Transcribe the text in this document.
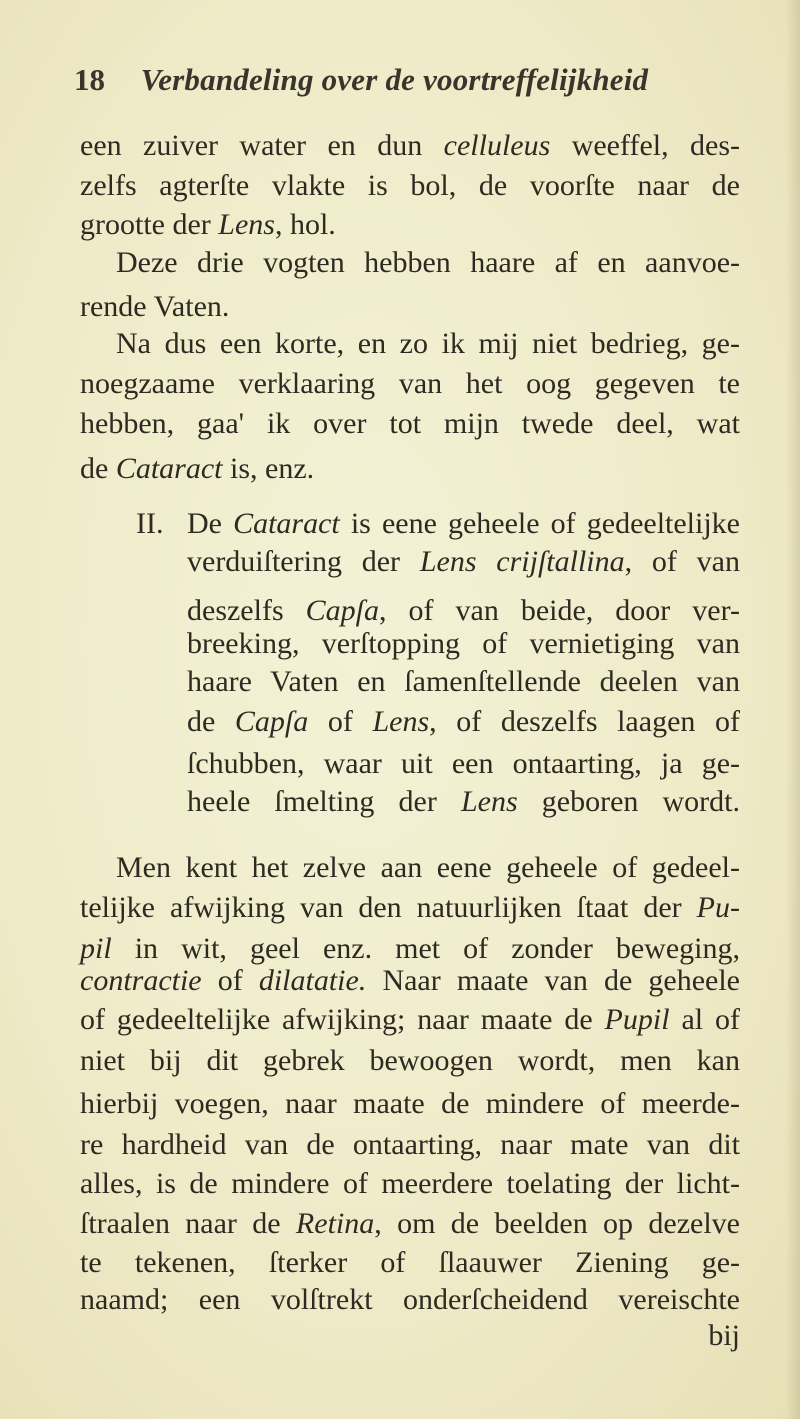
18 Verbandeling over de voortreffelijkheid
II.
een zuiver water en dun celluleus weeffel, des-
zelfs agterſte vlakte is bol, de voorſte naar de
grootte der Lens, hol.
Deze drie vogten hebben haare af en aanvoe-
rende Vaten.
Na dus een korte, en zo ik mij niet bedrieg, ge-
noegzaame verklaaring van het oog gegeven te
hebben, gaa' ik over tot mijn twede deel, wat
de Cataract is, enz.
De Cataract is eene geheele of gedeeltelijke
verduiſtering der Lens crijſtallina, of van
deszelfs Capſa, of van beide, door ver-
breeking, verſtopping of vernietiging van
haare Vaten en ſamenſtellende deelen van
de Capſa of Lens, of deszelfs laagen of
ſchubben, waar uit een ontaarting, ja ge-
heele ſmelting der Lens geboren wordt.
Men kent het zelve aan eene geheele of gedeel-
telijke afwijking van den natuurlijken ſtaat der Pu-
pil in wit, geel enz. met of zonder beweging,
contractie of dilatatie. Naar maate van de geheele
of gedeeltelijke afwijking; naar maate de Pupil al of
niet bij dit gebrek bewoogen wordt, men kan
hierbij voegen, naar maate de mindere of meerde-
re hardheid van de ontaarting, naar mate van dit
alles, is de mindere of meerdere toelating der licht-
ſtraalen naar de Retina, om de beelden op dezelve
te tekenen, ſterker of ſlaauwer Ziening ge-
naamd; een volſtrekt onderſcheidend vereischte
bij
